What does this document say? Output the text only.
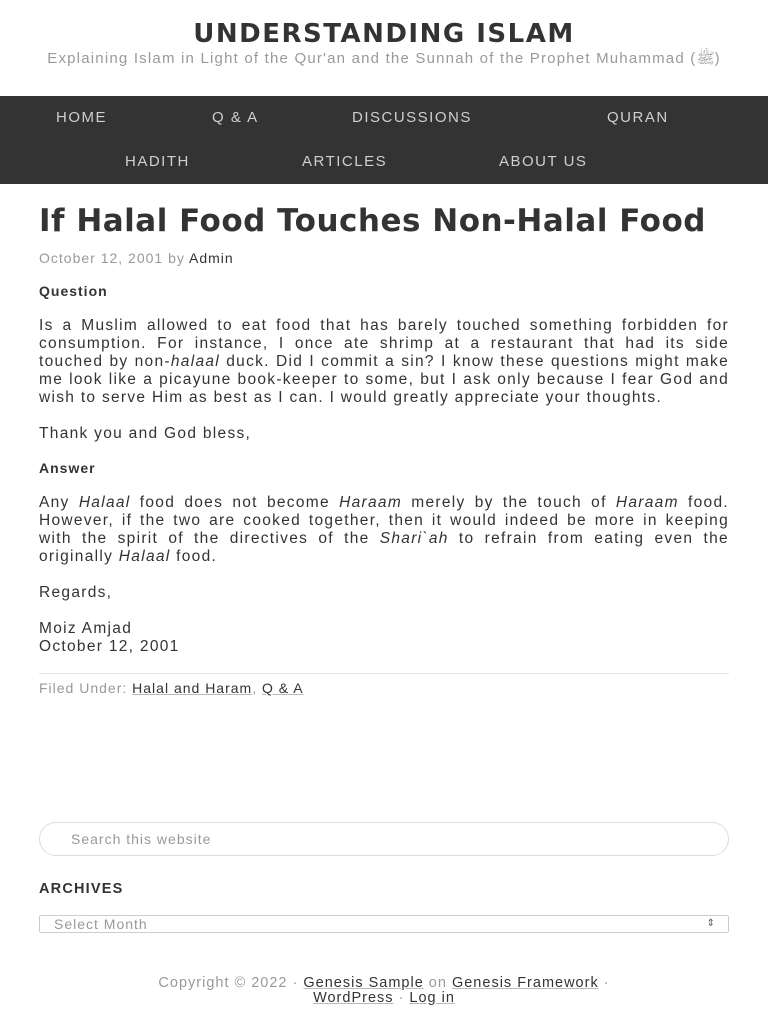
UNDERSTANDING ISLAM
Explaining Islam in Light of the Qur'an and the Sunnah of the Prophet Muhammad (ﷺ)
HOME	Q & A	DISCUSSIONS	QURAN
HADITH	ARTICLES	ABOUT US
If Halal Food Touches Non-Halal Food
October 12, 2001 by Admin
Question

Is a Muslim allowed to eat food that has barely touched something forbidden for consumption. For instance, I once ate shrimp at a restaurant that had its side touched by non-halaal duck. Did I commit a sin? I know these questions might make me look like a picayune book-keeper to some, but I ask only because I fear God and wish to serve Him as best as I can. I would greatly appreciate your thoughts.

Thank you and God bless,

Answer

Any Halaal food does not become Haraam merely by the touch of Haraam food. However, if the two are cooked together, then it would indeed be more in keeping with the spirit of the directives of the Shari`ah to refrain from eating even the originally Halaal food.

Regards,

Moiz Amjad

October 12, 2001

Filed Under: Halal and Haram, Q & A
Search this website
ARCHIVES
Select Month	⇕
Copyright © 2022 · Genesis Sample on Genesis Framework ·
WordPress · Log in
